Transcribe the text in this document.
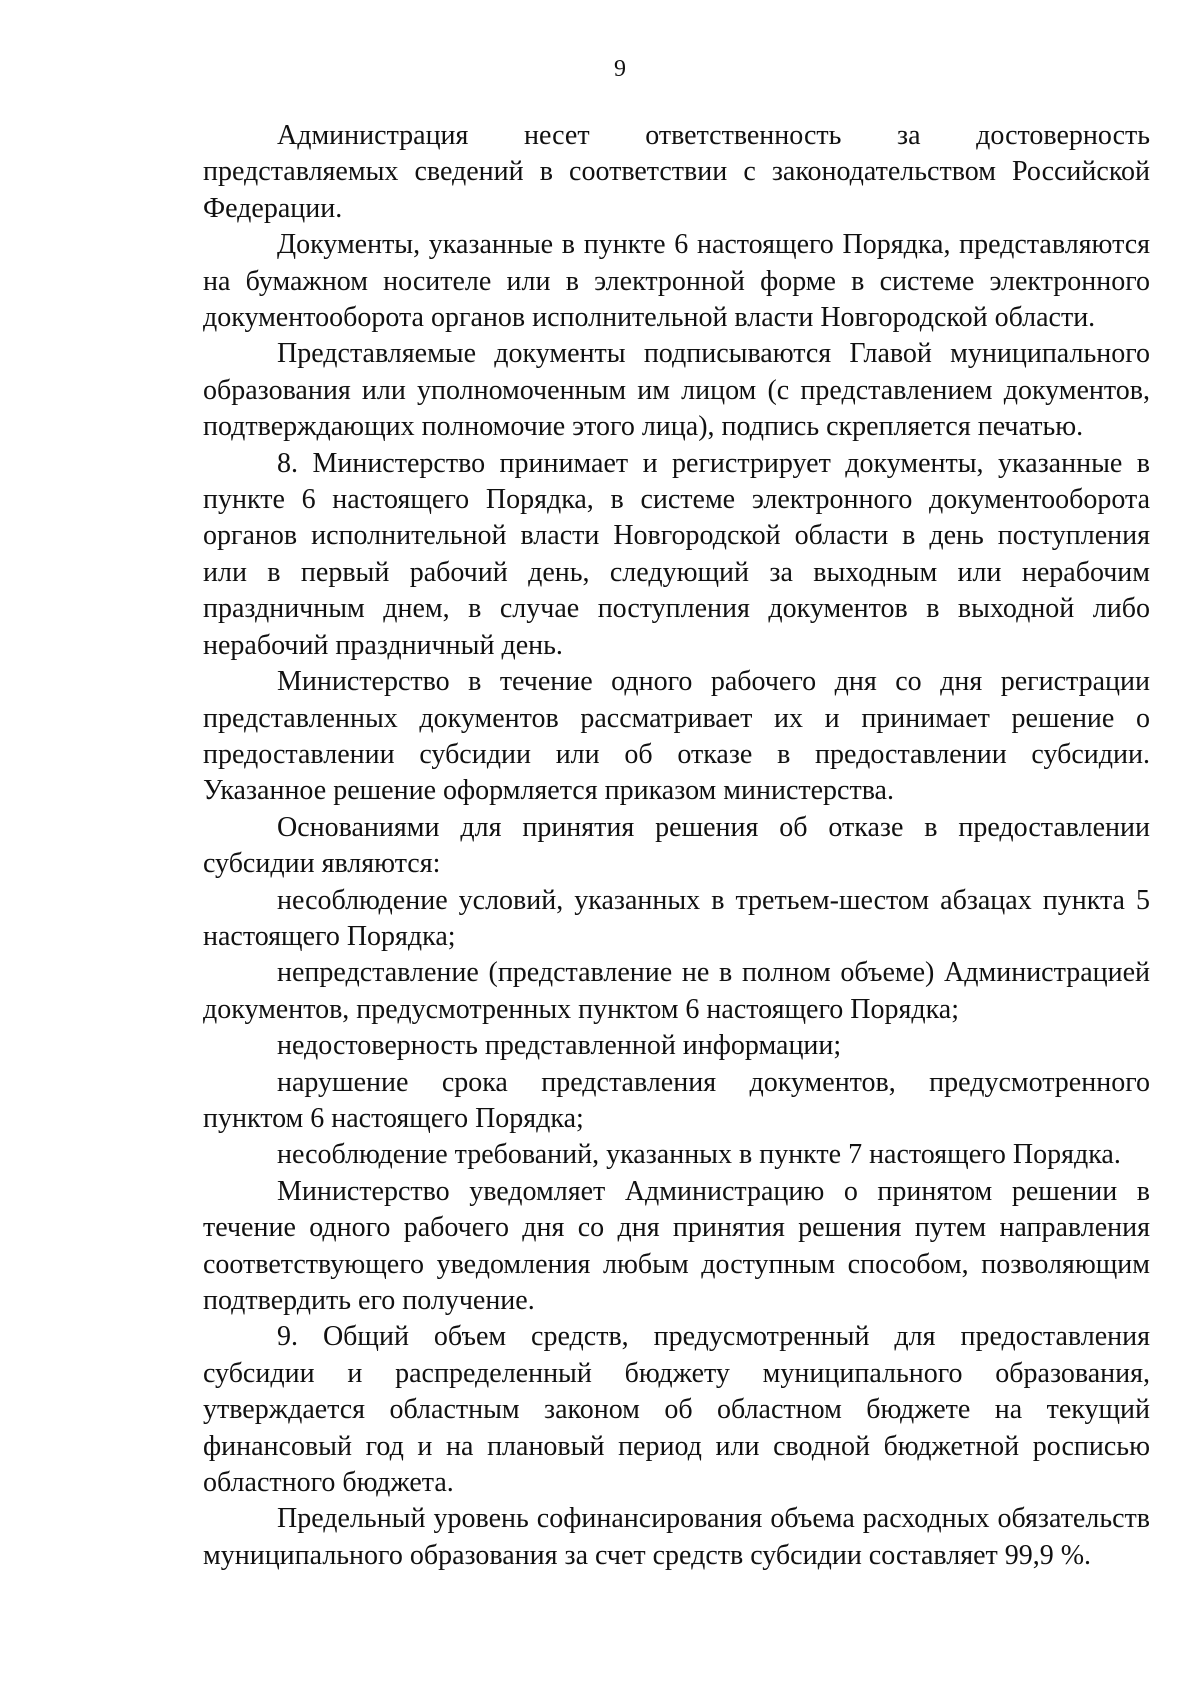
9

Администрация несет ответственность за достоверность представляемых сведений в соответствии с законодательством Российской Федерации.

Документы, указанные в пункте 6 настоящего Порядка, представляются на бумажном носителе или в электронной форме в системе электронного документооборота органов исполнительной власти Новгородской области.

Представляемые документы подписываются Главой муниципального образования или уполномоченным им лицом (с представлением документов, подтверждающих полномочие этого лица), подпись скрепляется печатью.

8. Министерство принимает и регистрирует документы, указанные в пункте 6 настоящего Порядка, в системе электронного документооборота органов исполнительной власти Новгородской области в день поступления или в первый рабочий день, следующий за выходным или нерабочим праздничным днем, в случае поступления документов в выходной либо нерабочий праздничный день.

Министерство в течение одного рабочего дня со дня регистрации представленных документов рассматривает их и принимает решение о предоставлении субсидии или об отказе в предоставлении субсидии. Указанное решение оформляется приказом министерства.

Основаниями для принятия решения об отказе в предоставлении субсидии являются:

несоблюдение условий, указанных в третьем-шестом абзацах пункта 5 настоящего Порядка;

непредставление (представление не в полном объеме) Администрацией документов, предусмотренных пунктом 6 настоящего Порядка;

недостоверность представленной информации;

нарушение срока представления документов, предусмотренного пунктом 6 настоящего Порядка;

несоблюдение требований, указанных в пункте 7 настоящего Порядка.

Министерство уведомляет Администрацию о принятом решении в течение одного рабочего дня со дня принятия решения путем направления соответствующего уведомления любым доступным способом, позволяющим подтвердить его получение.

9. Общий объем средств, предусмотренный для предоставления субсидии и распределенный бюджету муниципального образования, утверждается областным законом об областном бюджете на текущий финансовый год и на плановый период или сводной бюджетной росписью областного бюджета.

Предельный уровень софинансирования объема расходных обязательств муниципального образования за счет средств субсидии составляет 99,9 %.
